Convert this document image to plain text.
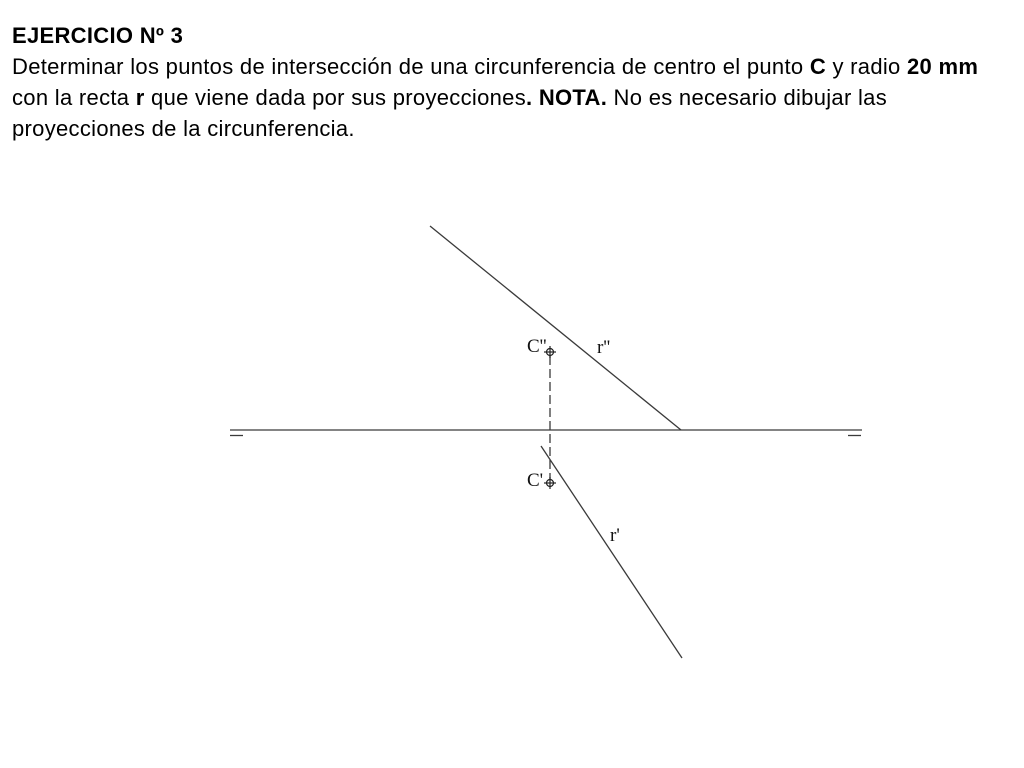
EJERCICIO Nº 3
Determinar los puntos de intersección de una circunferencia de centro el punto C y radio 20 mm
con la recta r que viene dada por sus proyecciones. NOTA. No es necesario dibujar las
proyecciones de la circunferencia.
C''	r''
C'
r'
